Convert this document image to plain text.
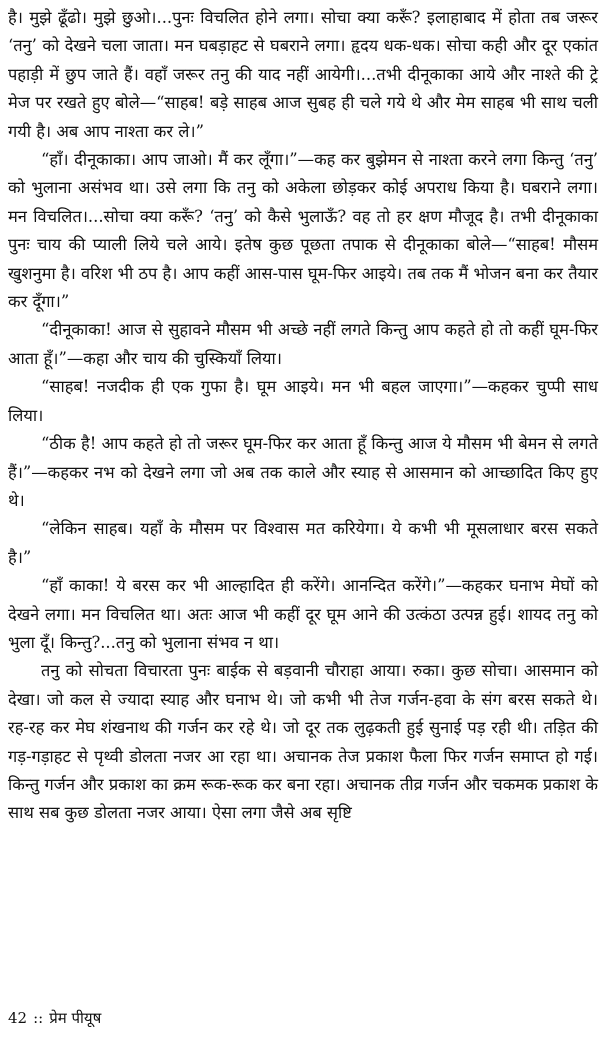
है। मुझे ढूँढो। मुझे छुओ।...पुनः विचलित होने लगा। सोचा क्या करूँ? इलाहाबाद में होता तब जरूर ‘तनु’ को देखने चला जाता। मन घबड़ाहट से घबराने लगा। हृदय धक-धक। सोचा कही और दूर एकांत पहाड़ी में छुप जाते हैं। वहाँ जरूर तनु की याद नहीं आयेगी।...तभी दीनूकाका आये और नाश्ते की ट्रे मेज पर रखते हुए बोले—“साहब! बड़े साहब आज सुबह ही चले गये थे और मेम साहब भी साथ चली गयी है। अब आप नाश्ता कर ले।”

“हाँ। दीनूकाका। आप जाओ। मैं कर लूँगा।”—कह कर बुझेमन से नाश्ता करने लगा किन्तु ‘तनु’ को भुलाना असंभव था। उसे लगा कि तनु को अकेला छोड़कर कोई अपराध किया है। घबराने लगा। मन विचलित।...सोचा क्या करूँ? ‘तनु’ को कैसे भुलाऊँ? वह तो हर क्षण मौजूद है। तभी दीनूकाका पुनः चाय की प्याली लिये चले आये। इतेष कुछ पूछता तपाक से दीनूकाका बोले—“साहब! मौसम खुशनुमा है। वरिश भी ठप है। आप कहीं आस-पास घूम-फिर आइये। तब तक मैं भोजन बना कर तैयार कर दूँगा।”

“दीनूकाका! आज से सुहावने मौसम भी अच्छे नहीं लगते किन्तु आप कहते हो तो कहीं घूम-फिर आता हूँ।”—कहा और चाय की चुस्कियाँ लिया।

“साहब! नजदीक ही एक गुफा है। घूम आइये। मन भी बहल जाएगा।”—कहकर चुप्पी साध लिया।

“ठीक है! आप कहते हो तो जरूर घूम-फिर कर आता हूँ किन्तु आज ये मौसम भी बेमन से लगते हैं।”—कहकर नभ को देखने लगा जो अब तक काले और स्याह से आसमान को आच्छादित किए हुए थे।

“लेकिन साहब। यहाँ के मौसम पर विश्वास मत करियेगा। ये कभी भी मूसलाधार बरस सकते है।”

“हाँ काका! ये बरस कर भी आल्हादित ही करेंगे। आनन्दित करेंगे।”—कहकर घनाभ मेघों को देखने लगा। मन विचलित था। अतः आज भी कहीं दूर घूम आने की उत्कंठा उत्पन्न हुई। शायद तनु को भुला दूँ। किन्तु?...तनु को भुलाना संभव न था।

तनु को सोचता विचारता पुनः बाईक से बड़वानी चौराहा आया। रुका। कुछ सोचा। आसमान को देखा। जो कल से ज्यादा स्याह और घनाभ थे। जो कभी भी तेज गर्जन-हवा के संग बरस सकते थे। रह-रह कर मेघ शंखनाथ की गर्जन कर रहे थे। जो दूर तक लुढ़कती हुई सुनाई पड़ रही थी। तड़ित की गड़-गड़ाहट से पृथ्वी डोलता नजर आ रहा था। अचानक तेज प्रकाश फैला फिर गर्जन समाप्त हो गई। किन्तु गर्जन और प्रकाश का क्रम रूक-रूक कर बना रहा। अचानक तीव्र गर्जन और चकमक प्रकाश के साथ सब कुछ डोलता नजर आया। ऐसा लगा जैसे अब सृष्टि

42 :: प्रेम पीयूष
